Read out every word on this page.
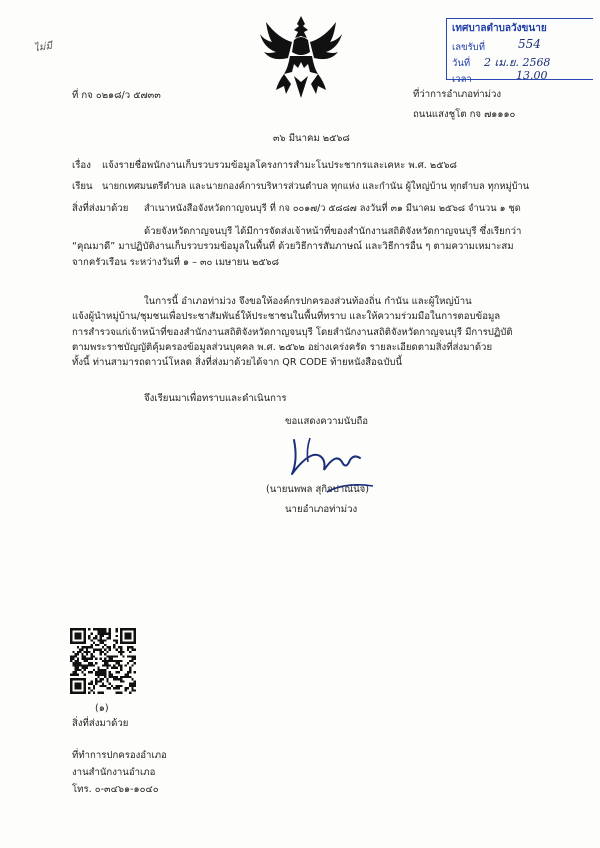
ไม่มี
เทศบาลตำบลวังขนาย
เลขรับที่	554
วันที่ 2 เม.ย. 2568
เวลา	13.00
ที่ กจ ๐๒๑๘/ว ๕๗๓๓	ที่ว่าการอำเภอท่าม่วง
ถนนแสงชูโต กจ ๗๑๑๑๐
๓๖ มีนาคม ๒๕๖๘
เรื่อง แจ้งรายชื่อพนักงานเก็บรวบรวมข้อมูลโครงการสำมะโนประชากรและเคหะ พ.ศ. ๒๕๖๘
เรียน นายกเทศมนตรีตำบล และนายกองค์การบริหารส่วนตำบล ทุกแห่ง และกำนัน ผู้ใหญ่บ้าน ทุกตำบล ทุกหมู่บ้าน
สิ่งที่ส่งมาด้วย สำเนาหนังสือจังหวัดกาญจนบุรี ที่ กจ ๐๐๑๗/ว ๕๘๘๗ ลงวันที่ ๓๑ มีนาคม ๒๕๖๘ จำนวน ๑ ชุด
ด้วยจังหวัดกาญจนบุรี ได้มีการจัดส่งเจ้าหน้าที่ของสำนักงานสถิติจังหวัดกาญจนบุรี ซึ่งเรียกว่า
“คุณมาดี” มาปฏิบัติงานเก็บรวบรวมข้อมูลในพื้นที่ ด้วยวิธีการสัมภาษณ์ และวิธีการอื่น ๆ ตามความเหมาะสม
จากครัวเรือน ระหว่างวันที่ ๑ – ๓๐ เมษายน ๒๕๖๘
ในการนี้ อำเภอท่าม่วง จึงขอให้องค์กรปกครองส่วนท้องถิ่น กำนัน และผู้ใหญ่บ้าน
แจ้งผู้นำหมู่บ้าน/ชุมชนเพื่อประชาสัมพันธ์ให้ประชาชนในพื้นที่ทราบ และให้ความร่วมมือในการตอบข้อมูล
การสำรวจแก่เจ้าหน้าที่ของสำนักงานสถิติจังหวัดกาญจนบุรี โดยสำนักงานสถิติจังหวัดกาญจนบุรี มีการปฏิบัติ
ตามพระราชบัญญัติคุ้มครองข้อมูลส่วนบุคคล พ.ศ. ๒๕๖๒ อย่างเคร่งครัด รายละเอียดตามสิ่งที่ส่งมาด้วย
ทั้งนี้ ท่านสามารถดาวน์โหลด สิ่งที่ส่งมาด้วยได้จาก QR CODE ท้ายหนังสือฉบับนี้
จึงเรียนมาเพื่อทราบและดำเนินการ
ขอแสดงความนับถือ
(นายนพพล สุกิจปาณีนิจ)
นายอำเภอท่าม่วง
(๑)
สิ่งที่ส่งมาด้วย
ที่ทำการปกครองอำเภอ
งานสำนักงานอำเภอ
โทร. ๐-๓๔๖๑-๑๐๔๐
